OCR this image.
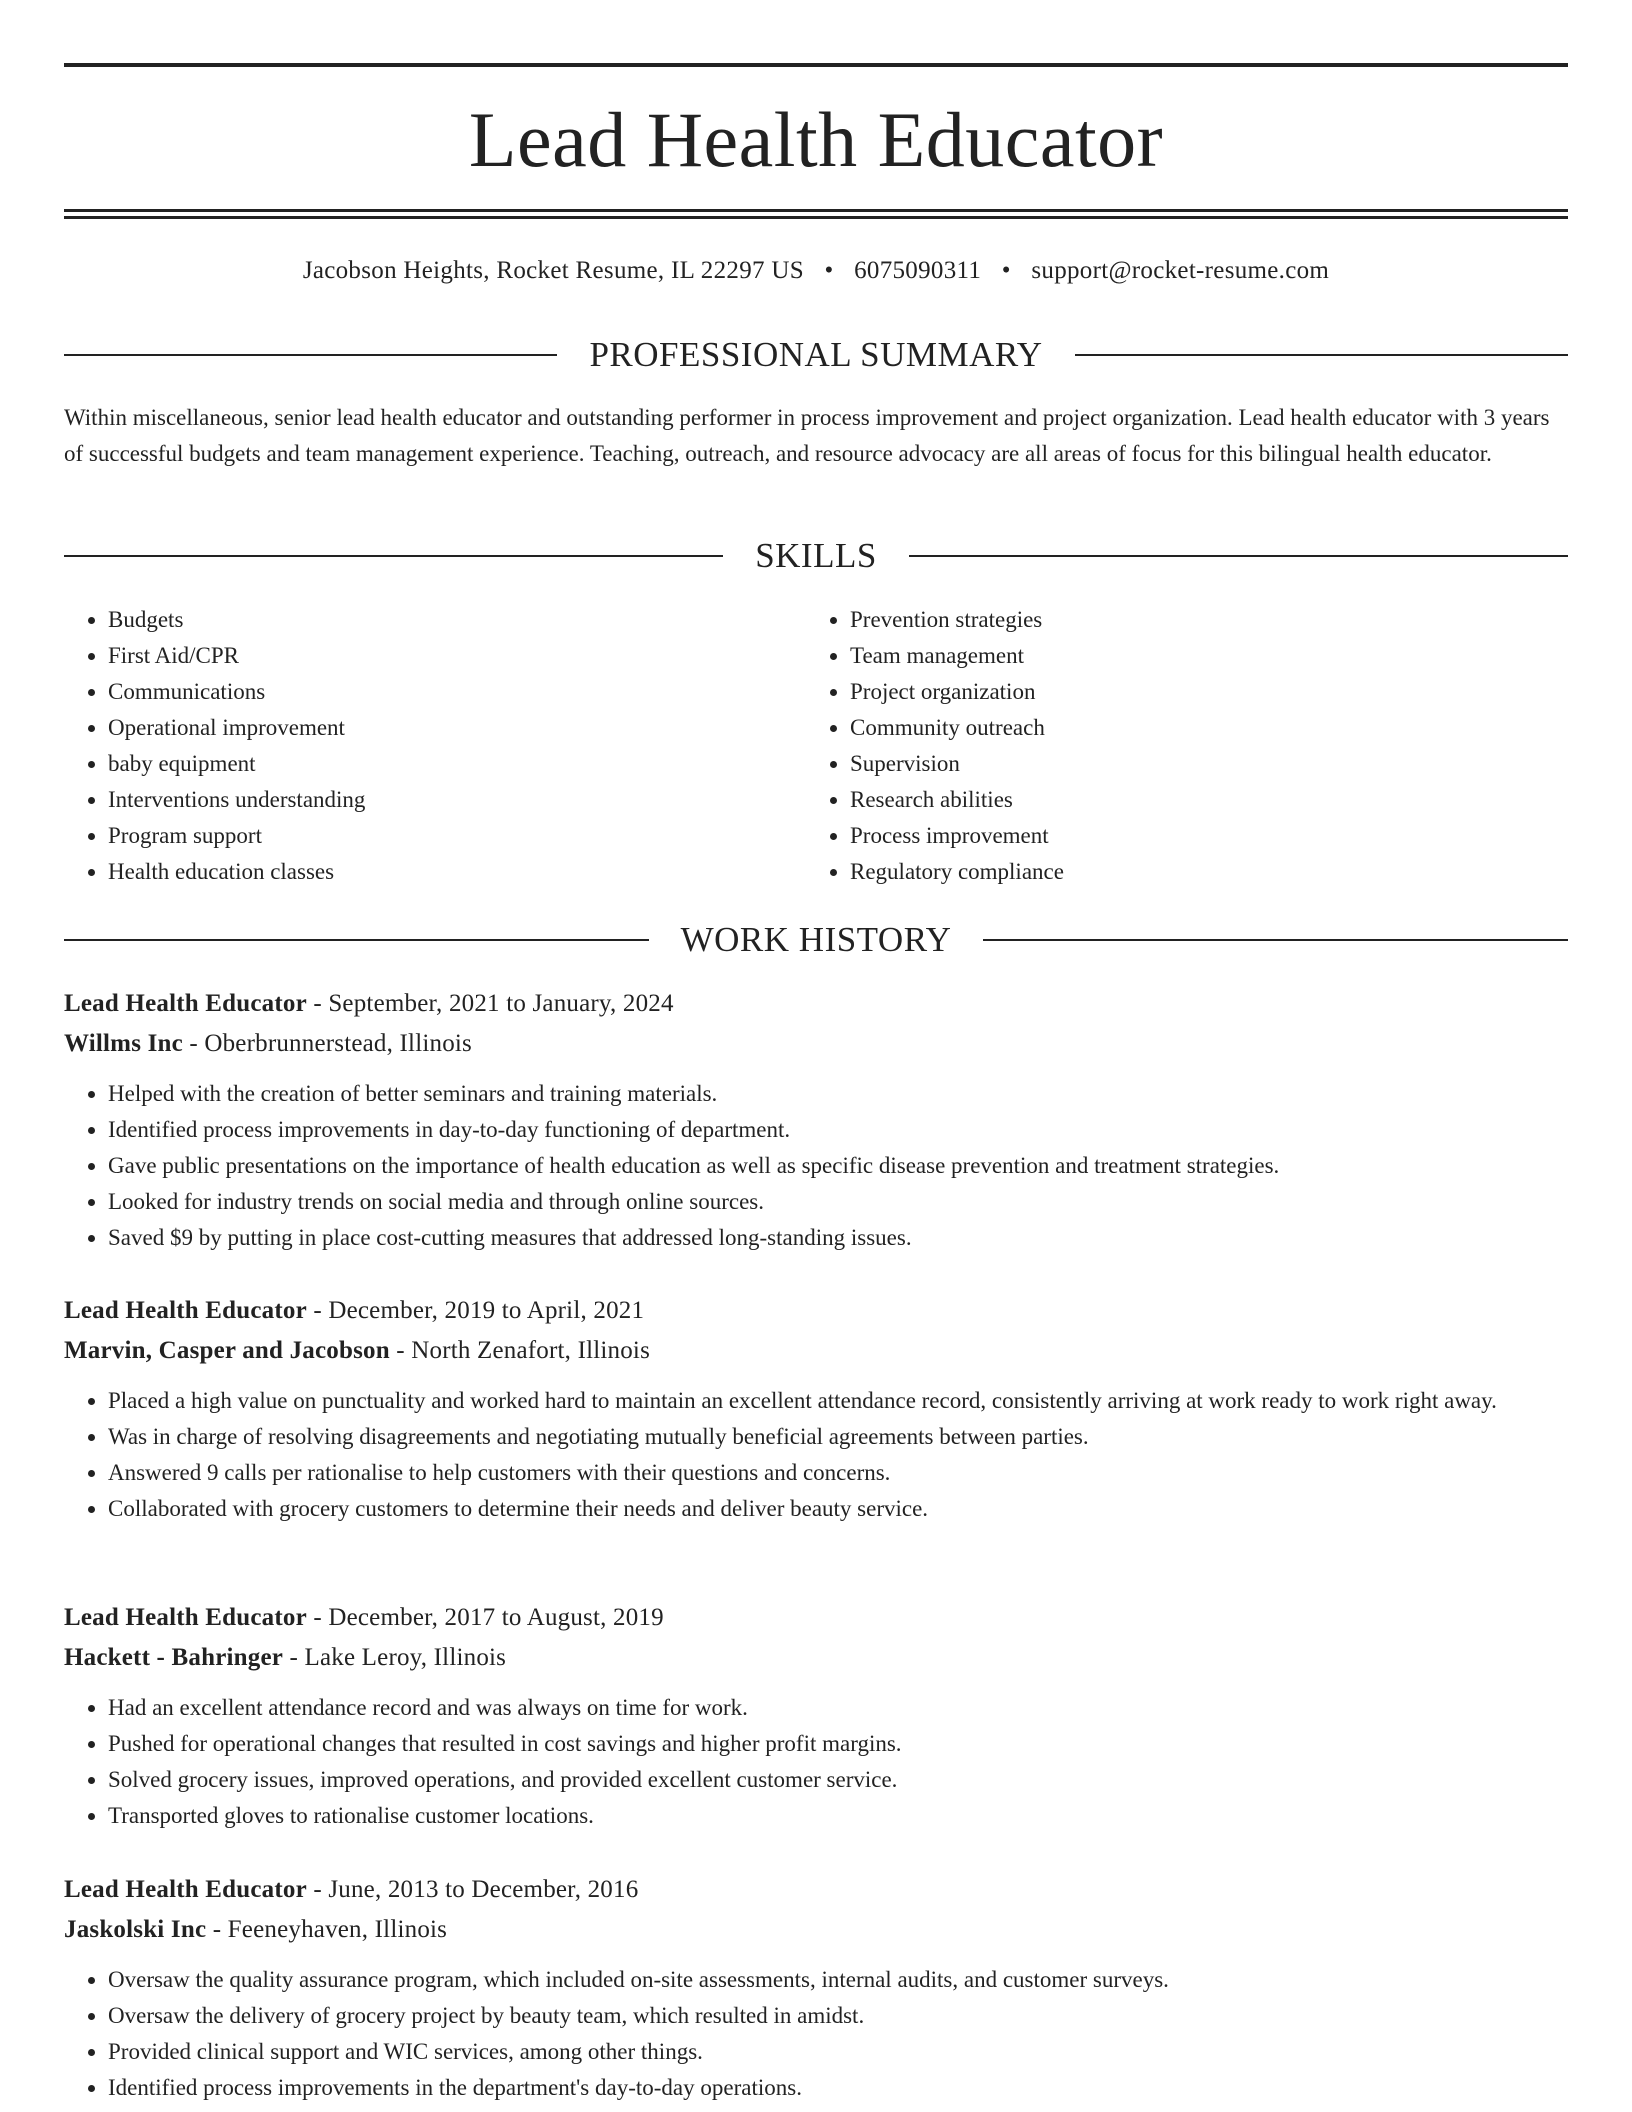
Lead Health Educator
Jacobson Heights, Rocket Resume, IL 22297 US • 6075090311 • support@rocket-resume.com
PROFESSIONAL SUMMARY

Within miscellaneous, senior lead health educator and outstanding performer in process improvement and project organization. Lead health educator with 3 years of successful budgets and team management experience. Teaching, outreach, and resource advocacy are all areas of focus for this bilingual health educator.

SKILLS
• Budgets
• First Aid/CPR
• Communications
• Operational improvement
• baby equipment
• Interventions understanding
• Program support
• Health education classes
• Prevention strategies
• Team management
• Project organization
• Community outreach
• Supervision
• Research abilities
• Process improvement
• Regulatory compliance
WORK HISTORY
Lead Health Educator - September, 2021 to January, 2024
Willms Inc - Oberbrunnerstead, Illinois
• Helped with the creation of better seminars and training materials.
• Identified process improvements in day-to-day functioning of department.
• Gave public presentations on the importance of health education as well as specific disease prevention and treatment strategies.
• Looked for industry trends on social media and through online sources.
• Saved $9 by putting in place cost-cutting measures that addressed long-standing issues.
Lead Health Educator - December, 2019 to April, 2021
Marvin, Casper and Jacobson - North Zenafort, Illinois
• Placed a high value on punctuality and worked hard to maintain an excellent attendance record, consistently arriving at work ready to work right away.
• Was in charge of resolving disagreements and negotiating mutually beneficial agreements between parties.
• Answered 9 calls per rationalise to help customers with their questions and concerns.
• Collaborated with grocery customers to determine their needs and deliver beauty service.
Lead Health Educator - December, 2017 to August, 2019
Hackett - Bahringer - Lake Leroy, Illinois
• Had an excellent attendance record and was always on time for work.
• Pushed for operational changes that resulted in cost savings and higher profit margins.
• Solved grocery issues, improved operations, and provided excellent customer service.
• Transported gloves to rationalise customer locations.
Lead Health Educator - June, 2013 to December, 2016
Jaskolski Inc - Feeneyhaven, Illinois
• Oversaw the quality assurance program, which included on-site assessments, internal audits, and customer surveys.
• Oversaw the delivery of grocery project by beauty team, which resulted in amidst.
• Provided clinical support and WIC services, among other things.
• Identified process improvements in the department's day-to-day operations.
